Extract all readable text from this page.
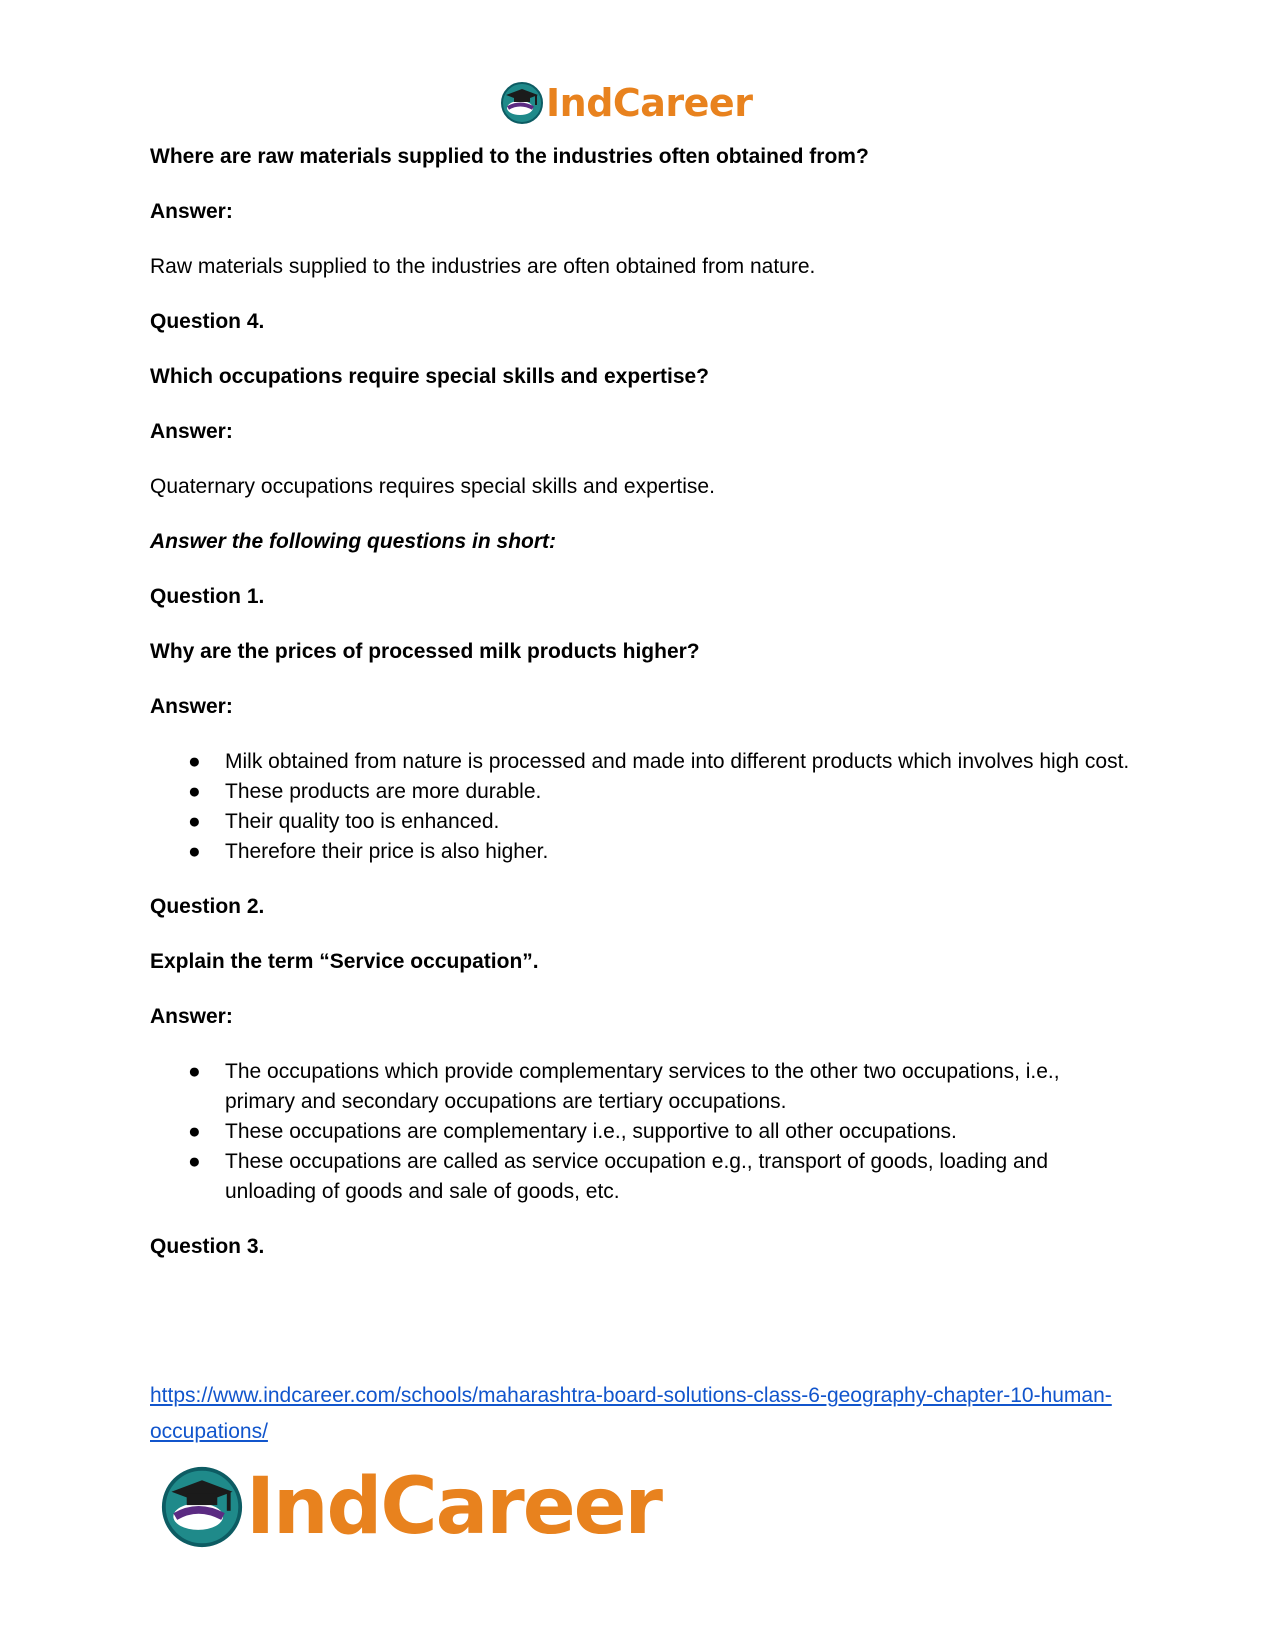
IndCareer

Where are raw materials supplied to the industries often obtained from?

Answer:

Raw materials supplied to the industries are often obtained from nature.

Question 4.

Which occupations require special skills and expertise?

Answer:

Quaternary occupations requires special skills and expertise.

Answer the following questions in short:

Question 1.

Why are the prices of processed milk products higher?

Answer:

● Milk obtained from nature is processed and made into different products which involves high cost.
● These products are more durable.
● Their quality too is enhanced.
● Therefore their price is also higher.

Question 2.

Explain the term “Service occupation”.

Answer:

● The occupations which provide complementary services to the other two occupations, i.e., primary and secondary occupations are tertiary occupations.
● These occupations are complementary i.e., supportive to all other occupations.
● These occupations are called as service occupation e.g., transport of goods, loading and unloading of goods and sale of goods, etc.

Question 3.

https://www.indcareer.com/schools/maharashtra-board-solutions-class-6-geography-chapter-10-human-occupations/
IndCareer
